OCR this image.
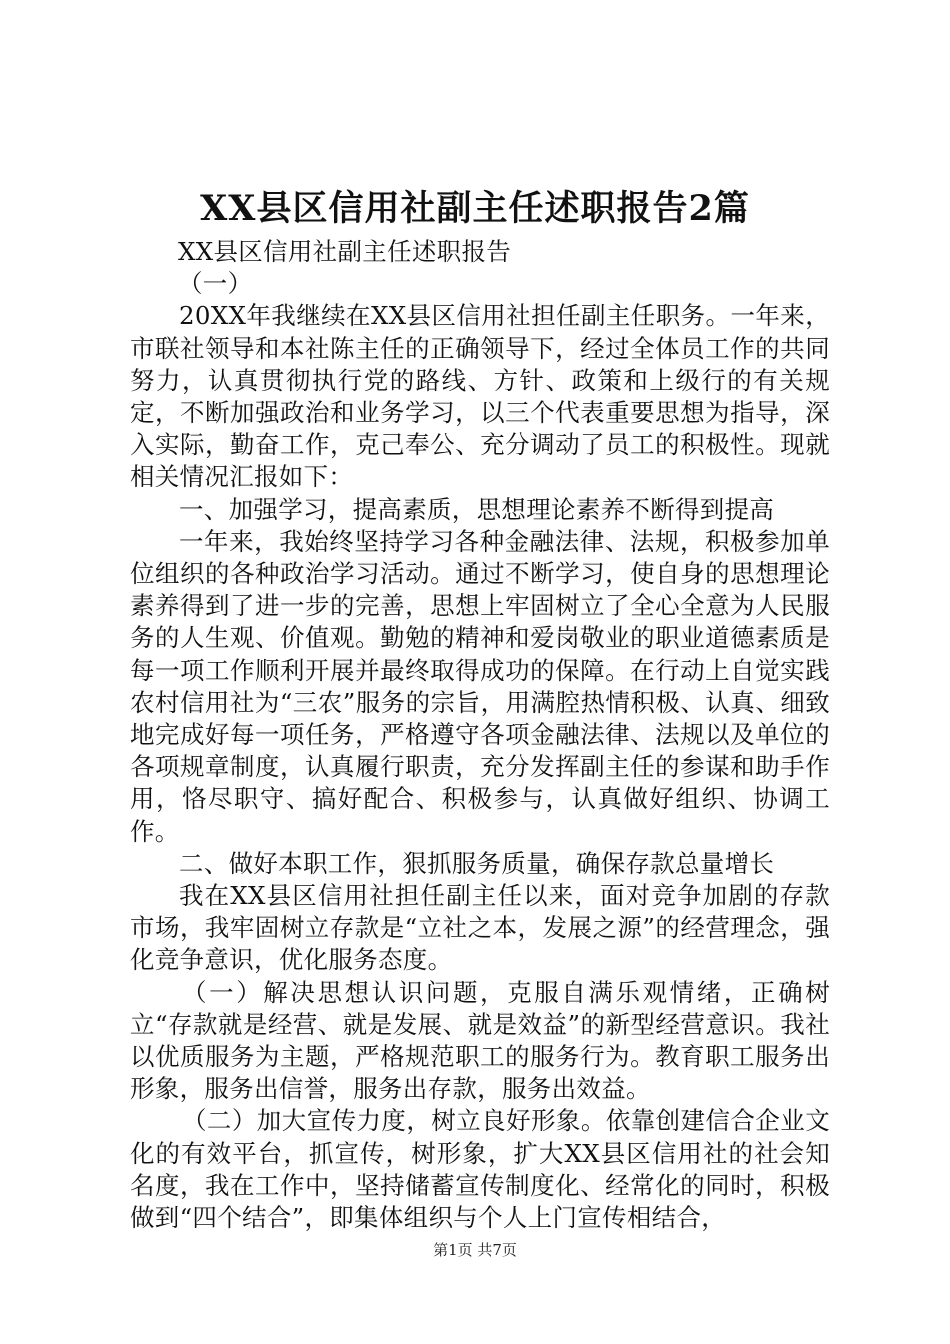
XX县区信用社副主任述职报告2篇

XX县区信用社副主任述职报告

（一）

20XX年我继续在XX县区信用社担任副主任职务。一年来，市联社领导和本社陈主任的正确领导下，经过全体员工作的共同努力，认真贯彻执行党的路线、方针、政策和上级行的有关规定，不断加强政治和业务学习，以三个代表重要思想为指导，深入实际，勤奋工作，克己奉公、充分调动了员工的积极性。现就相关情况汇报如下：

一、加强学习，提高素质，思想理论素养不断得到提高

一年来，我始终坚持学习各种金融法律、法规，积极参加单位组织的各种政治学习活动。通过不断学习，使自身的思想理论素养得到了进一步的完善，思想上牢固树立了全心全意为人民服务的人生观、价值观。勤勉的精神和爱岗敬业的职业道德素质是每一项工作顺利开展并最终取得成功的保障。在行动上自觉实践农村信用社为“三农”服务的宗旨，用满腔热情积极、认真、细致地完成好每一项任务，严格遵守各项金融法律、法规以及单位的各项规章制度，认真履行职责，充分发挥副主任的参谋和助手作用，恪尽职守、搞好配合、积极参与，认真做好组织、协调工作。

二、做好本职工作，狠抓服务质量，确保存款总量增长

我在XX县区信用社担任副主任以来，面对竞争加剧的存款市场，我牢固树立存款是“立社之本，发展之源”的经营理念，强化竞争意识，优化服务态度。

（一）解决思想认识问题，克服自满乐观情绪，正确树立“存款就是经营、就是发展、就是效益”的新型经营意识。我社以优质服务为主题，严格规范职工的服务行为。教育职工服务出形象，服务出信誉，服务出存款，服务出效益。

（二）加大宣传力度，树立良好形象。依靠创建信合企业文化的有效平台，抓宣传，树形象，扩大XX县区信用社的社会知名度，我在工作中，坚持储蓄宣传制度化、经常化的同时，积极做到“四个结合”，即集体组织与个人上门宣传相结合，

第1页 共7页
